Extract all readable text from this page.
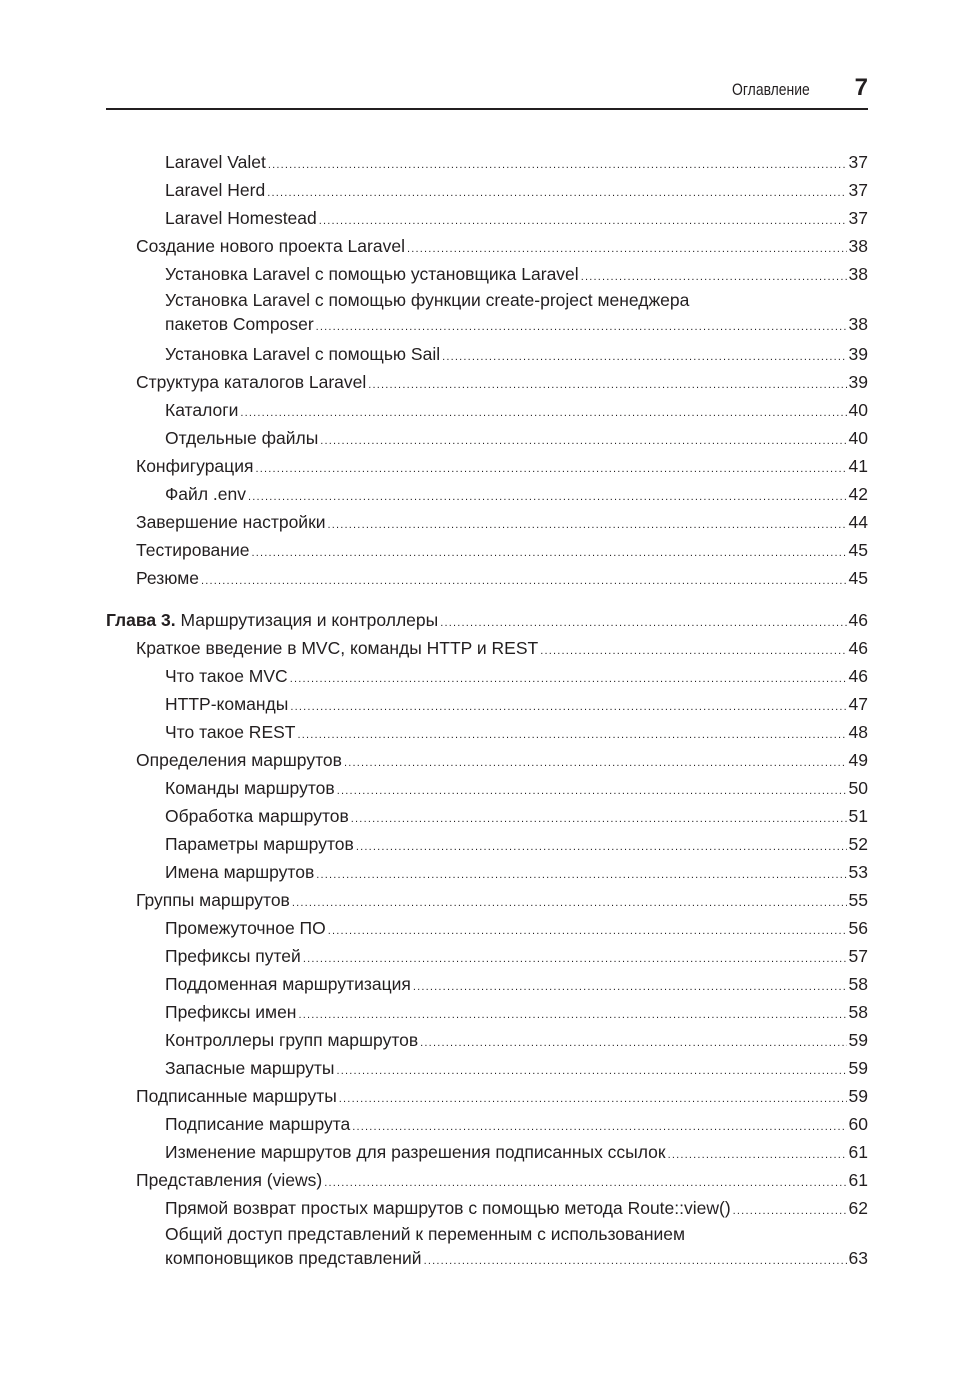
Оглавление 7
Laravel Valet .....	37
Laravel Herd .....	37
Laravel Homestead .....	37
Создание нового проекта Laravel .....	38
Установка Laravel с помощью установщика Laravel .....	38
Установка Laravel с помощью функции create-project менеджера
пакетов Composer .....	38
Установка Laravel с помощью Sail .....	39
Структура каталогов Laravel .....	39
Каталоги .....	40
Отдельные файлы .....	40
Конфигурация .....	41
Файл .env .....	42
Завершение настройки .....	44
Тестирование .....	45
Резюме .....	45
Глава 3. Маршрутизация и контроллеры .....	46
Краткое введение в MVC, команды HTTP и REST .....	46
Что такое MVC .....	46
HTTP-команды .....	47
Что такое REST .....	48
Определения маршрутов .....	49
Команды маршрутов .....	50
Обработка маршрутов .....	51
Параметры маршрутов .....	52
Имена маршрутов .....	53
Группы маршрутов .....	55
Промежуточное ПО .....	56
Префиксы путей .....	57
Поддоменная маршрутизация .....	58
Префиксы имен .....	58
Контроллеры групп маршрутов .....	59
Запасные маршруты .....	59
Подписанные маршруты .....	59
Подписание маршрута .....	60
Изменение маршрутов для разрешения подписанных ссылок .....	61
Представления (views) .....	61
Прямой возврат простых маршрутов с помощью метода Route::view() .....	62
Общий доступ представлений к переменным с использованием
компоновщиков представлений .....	63
